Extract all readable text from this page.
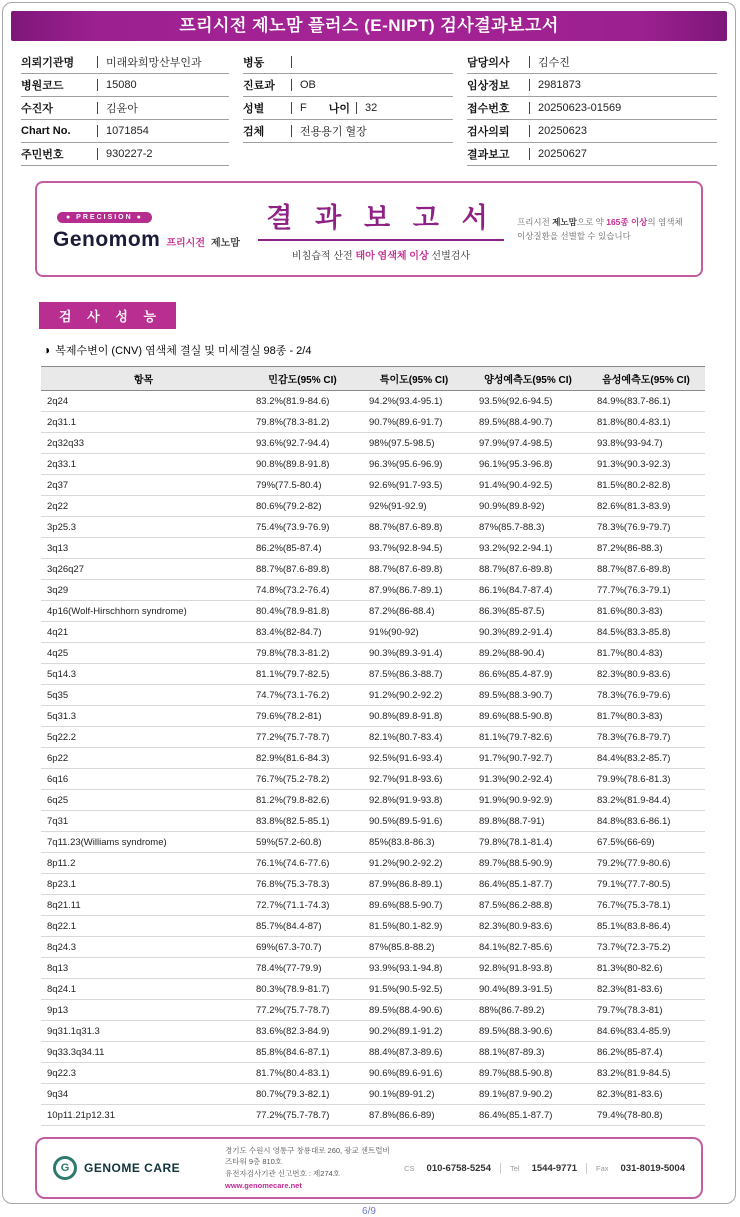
프리시전 제노맘 플러스 (E-NIPT) 검사결과보고서
의뢰기관명	미래와희망산부인과
병원코드	15080
수진자	김윤아
Chart No.	1071854
주민번호	930227-2
병동
진료과	OB
성별	F 나이 32
검체	전용용기 혈장
담당의사	김수진
임상정보	2981873
접수번호	20250623-01569
검사의뢰	20250623
결과보고	20250627
● PRECISION ●
Genomom 프리시전 제노맘
결 과 보 고 서
비침습적 산전 태아 염색체 이상 선별검사
프리시전 제노맘으로 약 165종 이상의 염색체 이상질환을 선별할 수 있습니다
검 사 성 능
◑ 복제수변이 (CNV) 염색체 결실 및 미세결실 98종 - 2/4
항목	민감도(95% CI)	특이도(95% CI)	양성예측도(95% CI)	음성예측도(95% CI)
2q24	83.2%(81.9-84.6)	94.2%(93.4-95.1)	93.5%(92.6-94.5)	84.9%(83.7-86.1)
2q31.1	79.8%(78.3-81.2)	90.7%(89.6-91.7)	89.5%(88.4-90.7)	81.8%(80.4-83.1)
2q32q33	93.6%(92.7-94.4)	98%(97.5-98.5)	97.9%(97.4-98.5)	93.8%(93-94.7)
2q33.1	90.8%(89.8-91.8)	96.3%(95.6-96.9)	96.1%(95.3-96.8)	91.3%(90.3-92.3)
2q37	79%(77.5-80.4)	92.6%(91.7-93.5)	91.4%(90.4-92.5)	81.5%(80.2-82.8)
2q22	80.6%(79.2-82)	92%(91-92.9)	90.9%(89.8-92)	82.6%(81.3-83.9)
3p25.3	75.4%(73.9-76.9)	88.7%(87.6-89.8)	87%(85.7-88.3)	78.3%(76.9-79.7)
3q13	86.2%(85-87.4)	93.7%(92.8-94.5)	93.2%(92.2-94.1)	87.2%(86-88.3)
3q26q27	88.7%(87.6-89.8)	88.7%(87.6-89.8)	88.7%(87.6-89.8)	88.7%(87.6-89.8)
3q29	74.8%(73.2-76.4)	87.9%(86.7-89.1)	86.1%(84.7-87.4)	77.7%(76.3-79.1)
4p16(Wolf-Hirschhorn syndrome)	80.4%(78.9-81.8)	87.2%(86-88.4)	86.3%(85-87.5)	81.6%(80.3-83)
4q21	83.4%(82-84.7)	91%(90-92)	90.3%(89.2-91.4)	84.5%(83.3-85.8)
4q25	79.8%(78.3-81.2)	90.3%(89.3-91.4)	89.2%(88-90.4)	81.7%(80.4-83)
5q14.3	81.1%(79.7-82.5)	87.5%(86.3-88.7)	86.6%(85.4-87.9)	82.3%(80.9-83.6)
5q35	74.7%(73.1-76.2)	91.2%(90.2-92.2)	89.5%(88.3-90.7)	78.3%(76.9-79.6)
5q31.3	79.6%(78.2-81)	90.8%(89.8-91.8)	89.6%(88.5-90.8)	81.7%(80.3-83)
5q22.2	77.2%(75.7-78.7)	82.1%(80.7-83.4)	81.1%(79.7-82.6)	78.3%(76.8-79.7)
6p22	82.9%(81.6-84.3)	92.5%(91.6-93.4)	91.7%(90.7-92.7)	84.4%(83.2-85.7)
6q16	76.7%(75.2-78.2)	92.7%(91.8-93.6)	91.3%(90.2-92.4)	79.9%(78.6-81.3)
6q25	81.2%(79.8-82.6)	92.8%(91.9-93.8)	91.9%(90.9-92.9)	83.2%(81.9-84.4)
7q31	83.8%(82.5-85.1)	90.5%(89.5-91.6)	89.8%(88.7-91)	84.8%(83.6-86.1)
7q11.23(Williams syndrome)	59%(57.2-60.8)	85%(83.8-86.3)	79.8%(78.1-81.4)	67.5%(66-69)
8p11.2	76.1%(74.6-77.6)	91.2%(90.2-92.2)	89.7%(88.5-90.9)	79.2%(77.9-80.6)
8p23.1	76.8%(75.3-78.3)	87.9%(86.8-89.1)	86.4%(85.1-87.7)	79.1%(77.7-80.5)
8q21.11	72.7%(71.1-74.3)	89.6%(88.5-90.7)	87.5%(86.2-88.8)	76.7%(75.3-78.1)
8q22.1	85.7%(84.4-87)	81.5%(80.1-82.9)	82.3%(80.9-83.6)	85.1%(83.8-86.4)
8q24.3	69%(67.3-70.7)	87%(85.8-88.2)	84.1%(82.7-85.6)	73.7%(72.3-75.2)
8q13	78.4%(77-79.9)	93.9%(93.1-94.8)	92.8%(91.8-93.8)	81.3%(80-82.6)
8q24.1	80.3%(78.9-81.7)	91.5%(90.5-92.5)	90.4%(89.3-91.5)	82.3%(81-83.6)
9p13	77.2%(75.7-78.7)	89.5%(88.4-90.6)	88%(86.7-89.2)	79.7%(78.3-81)
9q31.1q31.3	83.6%(82.3-84.9)	90.2%(89.1-91.2)	89.5%(88.3-90.6)	84.6%(83.4-85.9)
9q33.3q34.11	85.8%(84.6-87.1)	88.4%(87.3-89.6)	88.1%(87-89.3)	86.2%(85-87.4)
9q22.3	81.7%(80.4-83.1)	90.6%(89.6-91.6)	89.7%(88.5-90.8)	83.2%(81.9-84.5)
9q34	80.7%(79.3-82.1)	90.1%(89-91.2)	89.1%(87.9-90.2)	82.3%(81-83.6)
10p11.21p12.31	77.2%(75.7-78.7)	87.8%(86.6-89)	86.4%(85.1-87.7)	79.4%(78-80.8)
G	GENOME CARE
경기도 수원시 영통구 창룡대로 260, 광교 센트럴비즈타워 9층 810호
유전자검사기관 신고번호 : 제274호
www.genomecare.net
CS 010-6758-5254	Tel 1544-9771	Fax 031-8019-5004
6/9
